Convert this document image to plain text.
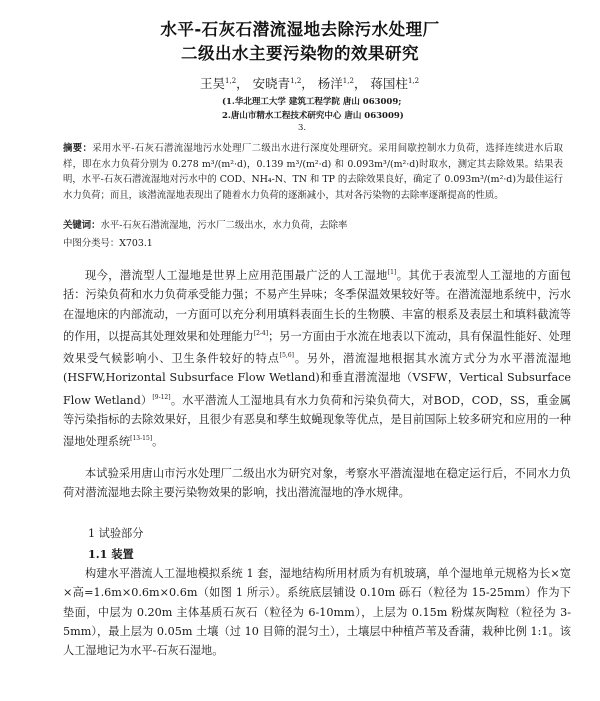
水平-石灰石潜流湿地去除污水处理厂
二级出水主要污染物的效果研究
王昊$^{1,2}$， 安晓青$^{1,2}$， 杨洋$^{1,2}$， 蒋国柱$^{1,2}$
(1.华北理工大学 建筑工程学院 唐山 063009;
2.唐山市精水工程技术研究中心 唐山 063009)
3.
摘要：采用水平-石灰石潜流湿地污水处理厂二级出水进行深度处理研究。采用间歇控制水力负荷，选择连续进水后取样，即在水力负荷分别为 0.278 m³/(m²·d)，0.139 m³/(m²·d) 和 0.093m³/(m²·d)时取水，测定其去除效果。结果表明，水平-石灰石潜流湿地对污水中的 COD、NH₄-N、TN 和 TP 的去除效果良好，确定了 0.093m³/(m²·d)为最佳运行水力负荷；而且，该潜流湿地表现出了随着水力负荷的逐渐减小，其对各污染物的去除率逐渐提高的性质。
关键词：水平-石灰石潜流湿地，污水厂二级出水，水力负荷，去除率
中图分类号：X703.1
现今，潜流型人工湿地是世界上应用范围最广泛的人工湿地[1]。其优于表流型人工湿地的方面包括：污染负荷和水力负荷承受能力强；不易产生异味；冬季保温效果较好等。在潜流湿地系统中，污水在湿地床的内部流动，一方面可以充分利用填料表面生长的生物膜、丰富的根系及表层土和填料截流等的作用，以提高其处理效果和处理能力[2-4]；另一方面由于水流在地表以下流动，具有保温性能好、处理效果受气候影响小、卫生条件较好的特点[5,6]。另外，潜流湿地根据其水流方式分为水平潜流湿地(HSFW,Horizontal Subsurface Flow Wetland)和垂直潜流湿地（VSFW，Vertical Subsurface Flow Wetland）[9-12]。水平潜流人工湿地具有水力负荷和污染负荷大，对BOD，COD，SS，重金属等污染指标的去除效果好，且很少有恶臭和孳生蚊蝇现象等优点，是目前国际上较多研究和应用的一种湿地处理系统[13-15]。
本试验采用唐山市污水处理厂二级出水为研究对象，考察水平潜流湿地在稳定运行后，不同水力负荷对潜流湿地去除主要污染物效果的影响，找出潜流湿地的净水规律。
1 试验部分
1.1 装置
构建水平潜流人工湿地模拟系统 1 套，湿地结构所用材质为有机玻璃，单个湿地单元规格为长×宽×高=1.6m×0.6m×0.6m（如图 1 所示）。系统底层铺设 0.10m 砾石（粒径为 15-25mm）作为下垫面，中层为 0.20m 主体基质石灰石（粒径为 6-10mm），上层为 0.15m 粉煤灰陶粒（粒径为 3-5mm），最上层为 0.05m 土壤（过 10 目筛的混匀土），土壤层中种植芦苇及香蒲，栽种比例 1:1。该人工湿地记为水平-石灰石湿地。
